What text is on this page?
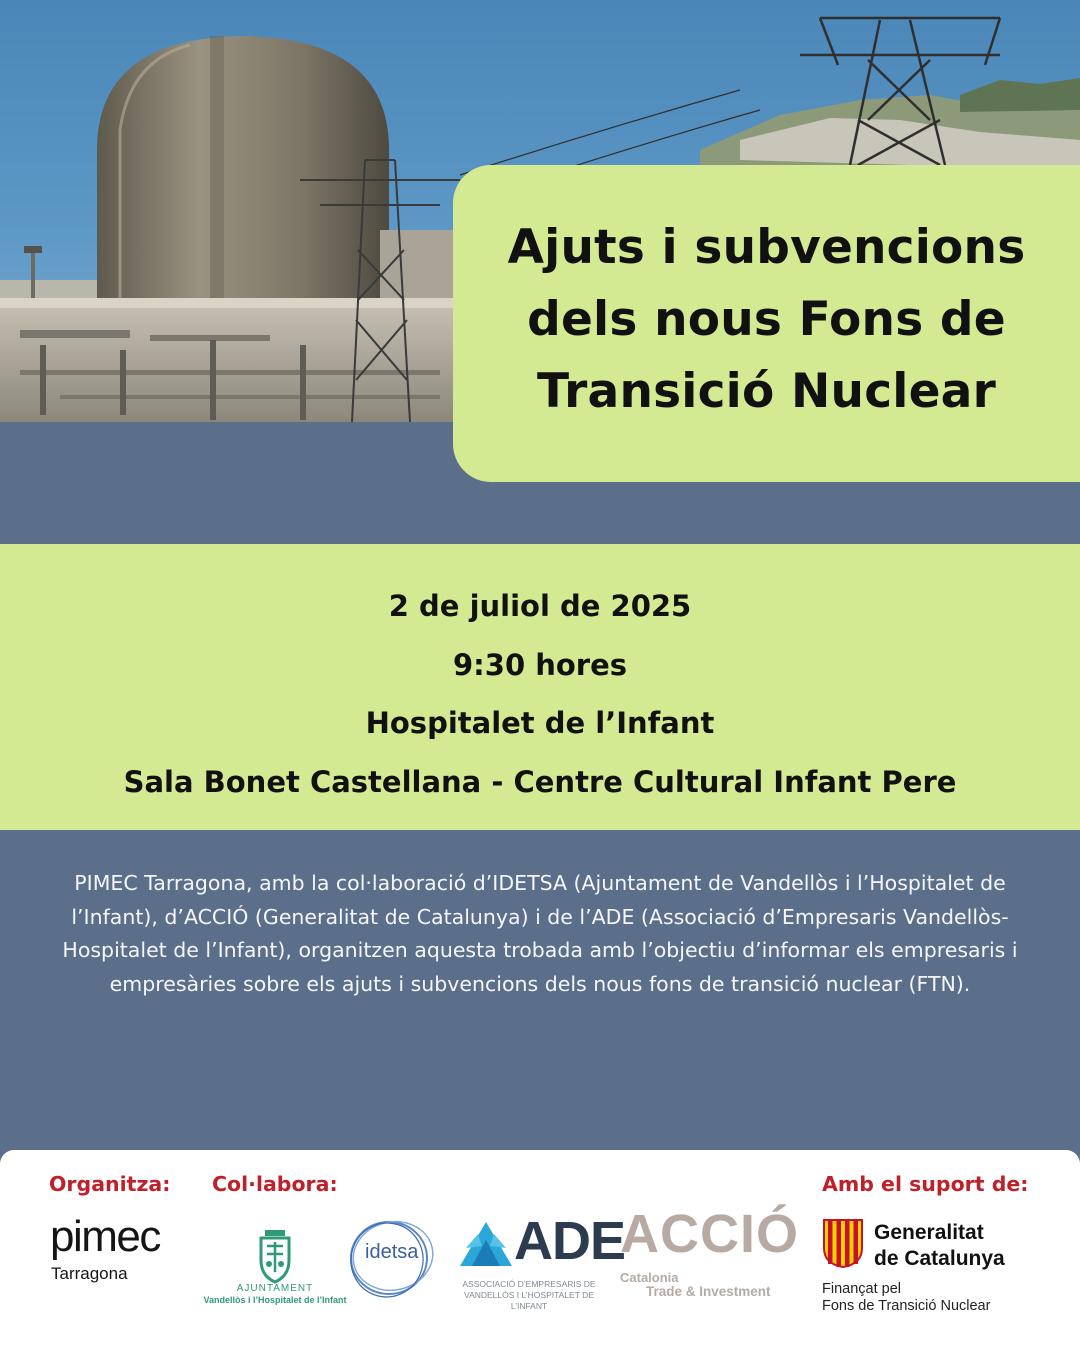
Ajuts i subvencions
dels nous Fons de
Transició Nuclear
2 de juliol de 2025
9:30 hores
Hospitalet de l’Infant
Sala Bonet Castellana - Centre Cultural Infant Pere

PIMEC Tarragona, amb la col·laboració d’IDETSA (Ajuntament de Vandellòs i l’Hospitalet de l’Infant), d’ACCIÓ (Generalitat de Catalunya) i de l’ADE (Associació d’Empresaris Vandellòs-Hospitalet de l’Infant), organitzen aquesta trobada amb l’objectiu d’informar els empresaris i empresàries sobre els ajuts i subvencions dels nous fons de transició nuclear (FTN).

Organitza: Col·labora:	Amb el suport de:
pimec
Tarragona
AJUNTAMENT
Vandellòs i l’Hospitalet de l’Infant
idetsa ADE
ASSOCIACIÓ D’EMPRESARIS DE
VANDELLÒS I L’HOSPITALET DE L’INFANT
ACCIÓ
Catalonia
Trade & Investment
Generalitat
de Catalunya
Finançat pel
Fons de Transició Nuclear
